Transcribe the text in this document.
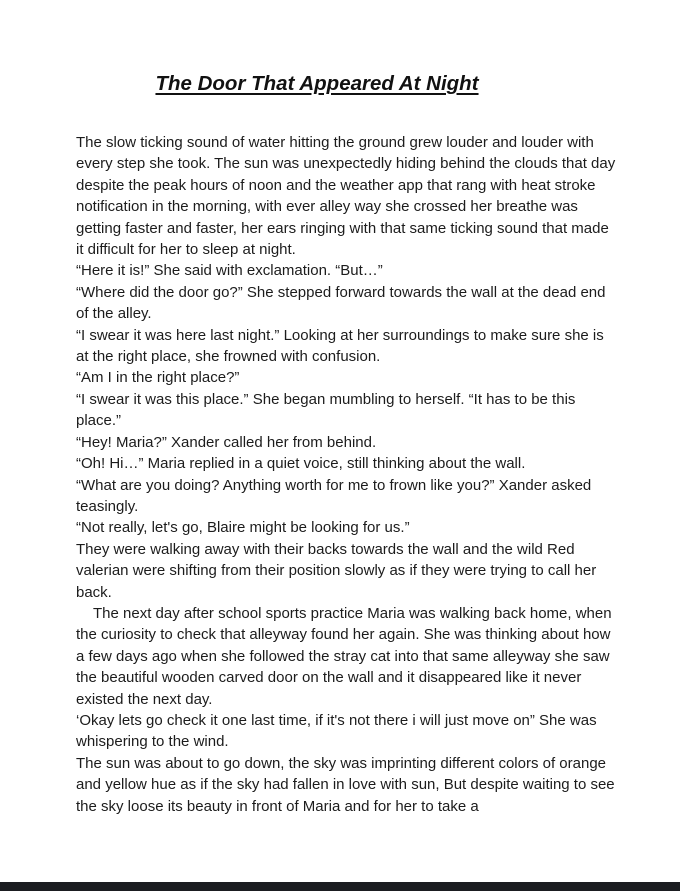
The Door That Appeared At Night

The slow ticking sound of water hitting the ground grew louder and louder with every step she took. The sun was unexpectedly hiding behind the clouds that day despite the peak hours of noon and the weather app that rang with heat stroke notification in the morning, with ever alley way she crossed her breathe was getting faster and faster, her ears ringing with that same ticking sound that made it difficult for her to sleep at night.

“Here it is!” She said with exclamation. “But…”

“Where did the door go?” She stepped forward towards the wall at the dead end of the alley.

“I swear it was here last night.” Looking at her surroundings to make sure she is at the right place, she frowned with confusion.

“Am I in the right place?”

“I swear it was this place.” She began mumbling to herself. “It has to be this place.”

“Hey! Maria?” Xander called her from behind.

“Oh! Hi…” Maria replied in a quiet voice, still thinking about the wall.

“What are you doing? Anything worth for me to frown like you?” Xander asked teasingly.

“Not really, let's go, Blaire might be looking for us.”

They were walking away with their backs towards the wall and the wild Red valerian were shifting from their position slowly as if they were trying to call her back.

The next day after school sports practice Maria was walking back home, when the curiosity to check that alleyway found her again. She was thinking about how a few days ago when she followed the stray cat into that same alleyway she saw the beautiful wooden carved door on the wall and it disappeared like it never existed the next day.

‘Okay lets go check it one last time, if it's not there i will just move on” She was whispering to the wind.

The sun was about to go down, the sky was imprinting different colors of orange and yellow hue as if the sky had fallen in love with sun, But despite waiting to see the sky loose its beauty in front of Maria and for her to take a
